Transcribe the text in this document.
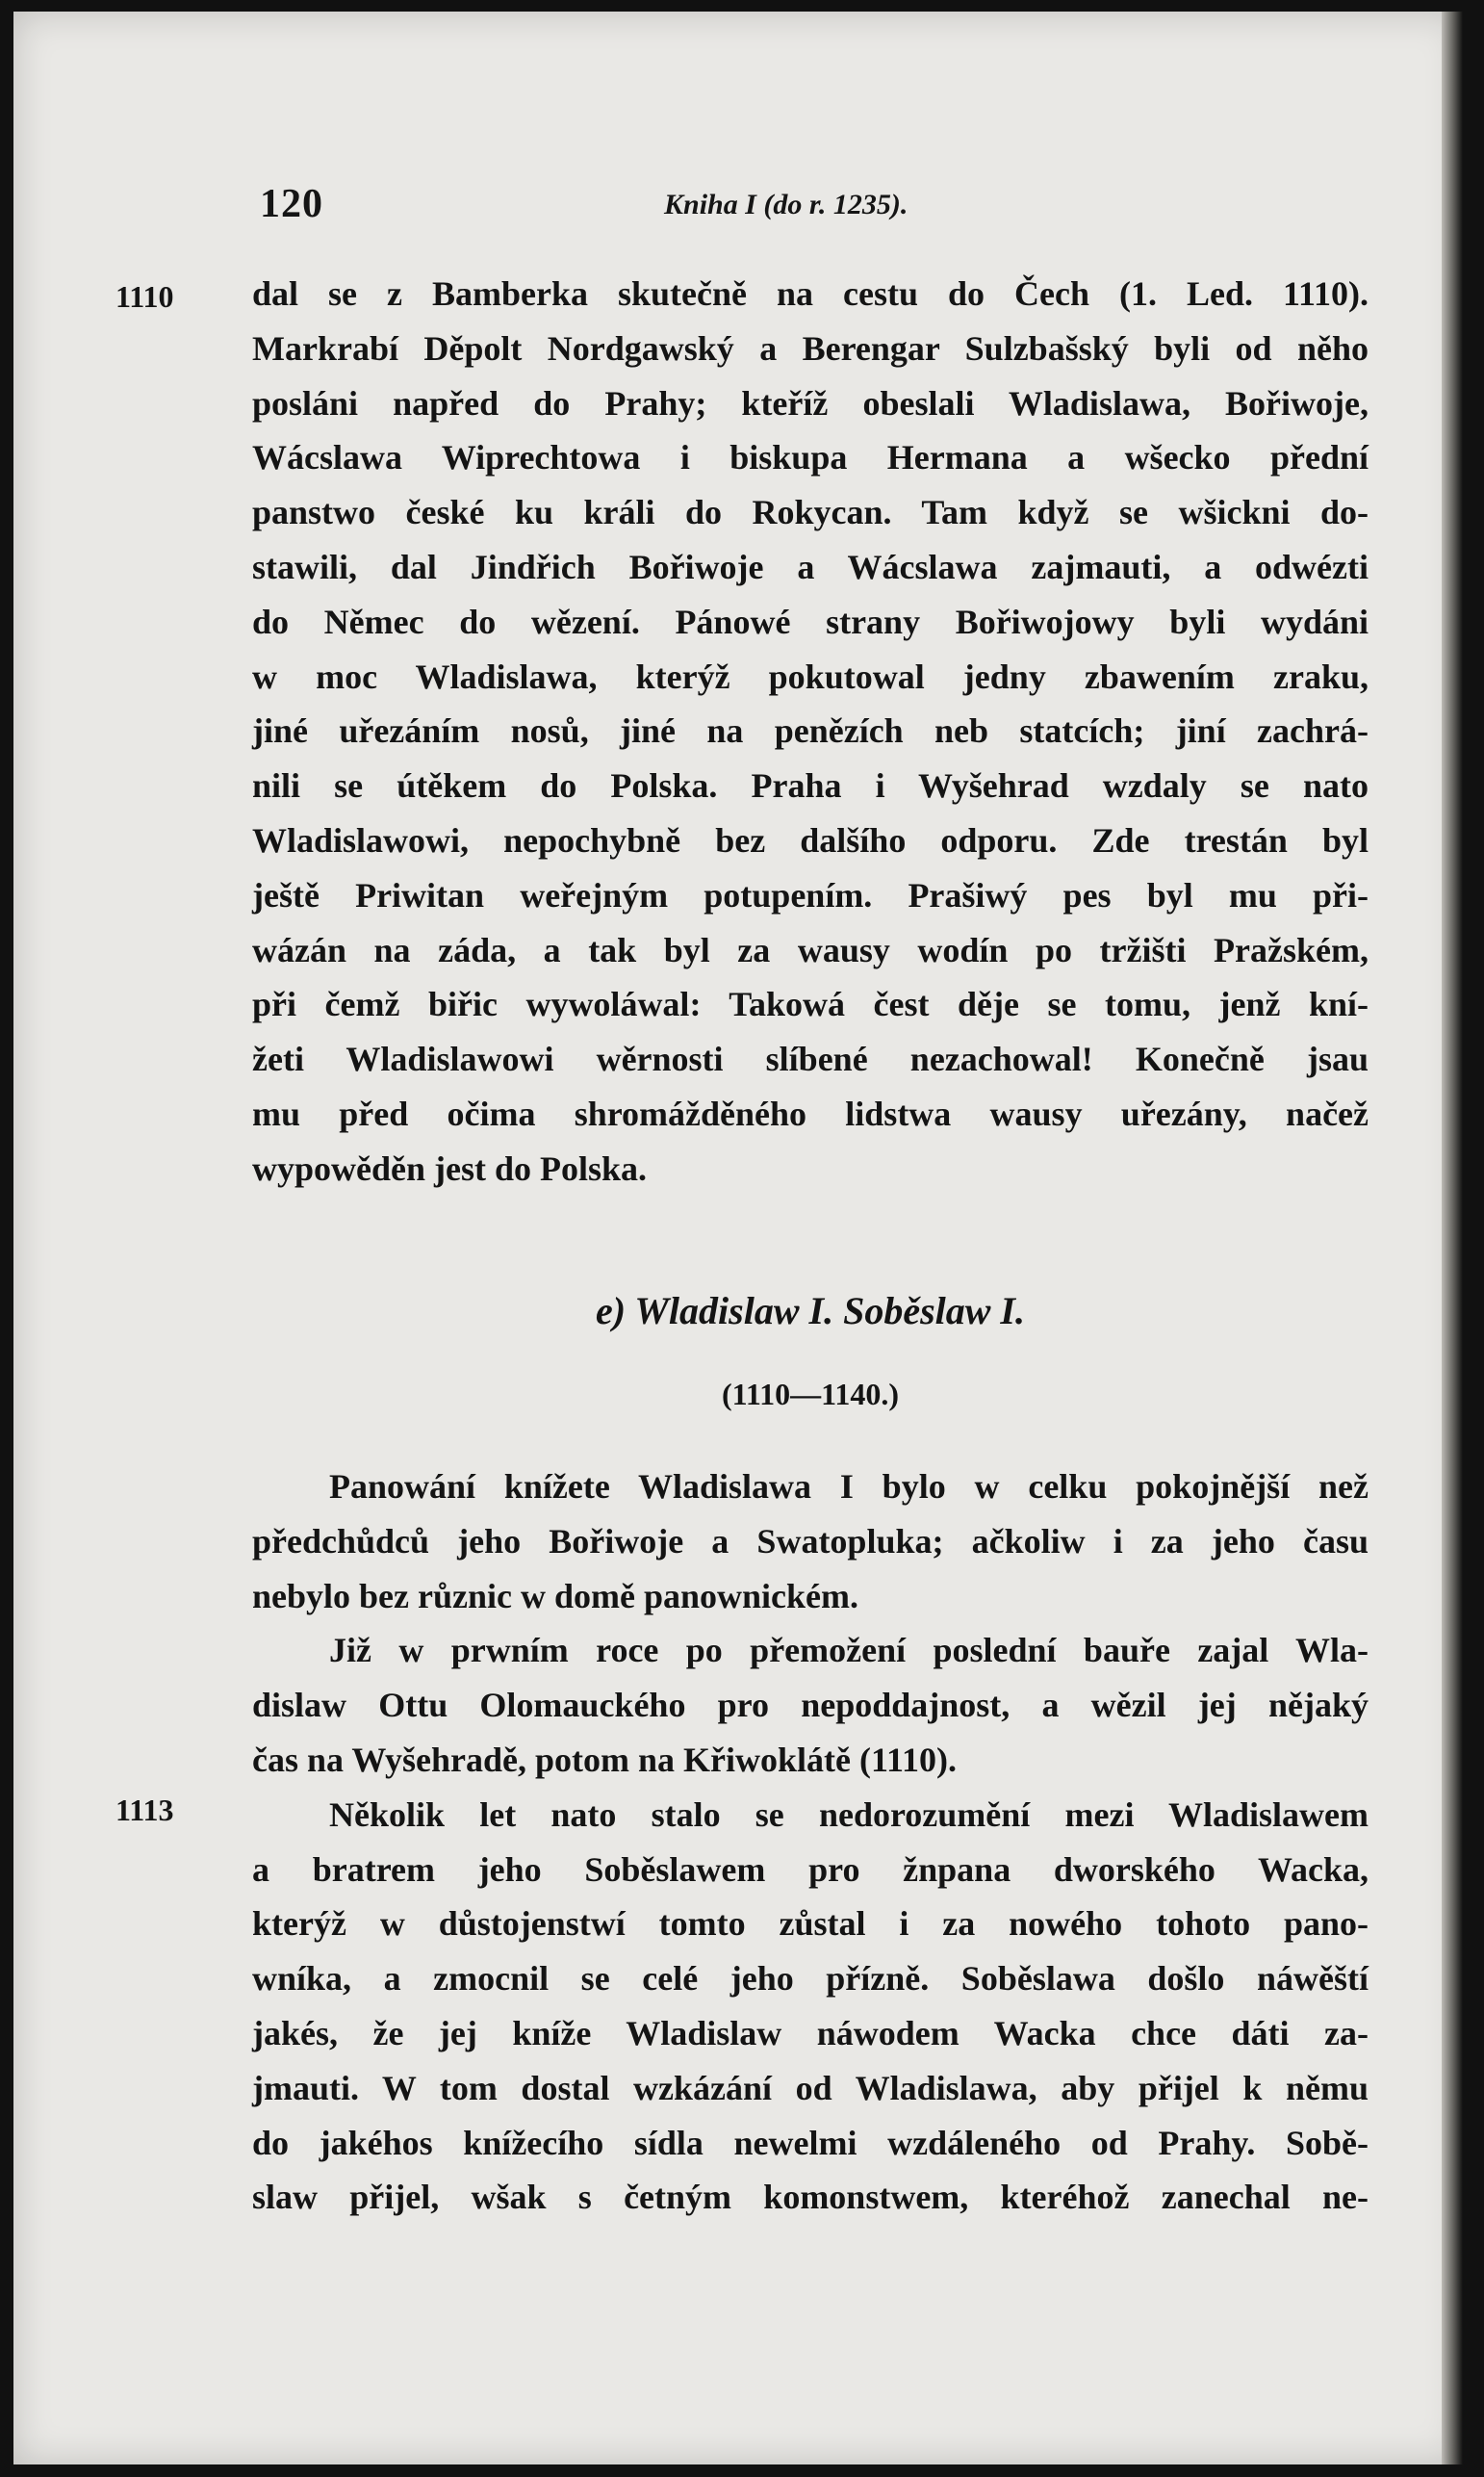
120	Kniha I (do r. 1235).
1110
1113
dal se z Bamberka skutečně na cestu do Čech (1. Led. 1110).
Markrabí Děpolt Nordgawský a Berengar Sulzbašský byli od něho
posláni napřed do Prahy; kteříž obeslali Wladislawa, Bořiwoje,
Wácslawa Wiprechtowa i biskupa Hermana a wšecko přední
panstwo české ku králi do Rokycan. Tam když se wšickni do-
stawili, dal Jindřich Bořiwoje a Wácslawa zajmauti, a odwézti
do Němec do wězení. Pánowé strany Bořiwojowy byli wydáni
w moc Wladislawa, kterýž pokutowal jedny zbawením zraku,
jiné uřezáním nosů, jiné na penězích neb statcích; jiní zachrá-
nili se útěkem do Polska. Praha i Wyšehrad wzdaly se nato
Wladislawowi, nepochybně bez dalšího odporu. Zde trestán byl
ještě Priwitan weřejným potupením. Prašiwý pes byl mu při-
wázán na záda, a tak byl za wausy wodín po tržišti Pražském,
při čemž biřic wywoláwal: Takowá čest děje se tomu, jenž kní-
žeti Wladislawowi wěrnosti slíbené nezachowal! Konečně jsau
mu před očima shromážděného lidstwa wausy uřezány, načež
wypowěděn jest do Polska.
e) Wladislaw I. Soběslaw I.
(1110—1140.)
Panowání knížete Wladislawa I bylo w celku pokojnější než
předchůdců jeho Bořiwoje a Swatopluka; ačkoliw i za jeho času
nebylo bez různic w domě panownickém.
Již w prwním roce po přemožení poslední bauře zajal Wla-
dislaw Ottu Olomauckého pro nepoddajnost, a wězil jej nějaký
čas na Wyšehradě, potom na Křiwoklátě (1110).
Několik let nato stalo se nedorozumění mezi Wladislawem
a bratrem jeho Soběslawem pro žnpana dworského Wacka,
kterýž w důstojenstwí tomto zůstal i za nowého tohoto pano-
wníka, a zmocnil se celé jeho přízně. Soběslawa došlo náwěští
jakés, že jej kníže Wladislaw náwodem Wacka chce dáti za-
jmauti. W tom dostal wzkázání od Wladislawa, aby přijel k němu
do jakéhos knížecího sídla newelmi wzdáleného od Prahy. Sobě-
slaw přijel, wšak s četným komonstwem, kteréhož zanechal ne-
